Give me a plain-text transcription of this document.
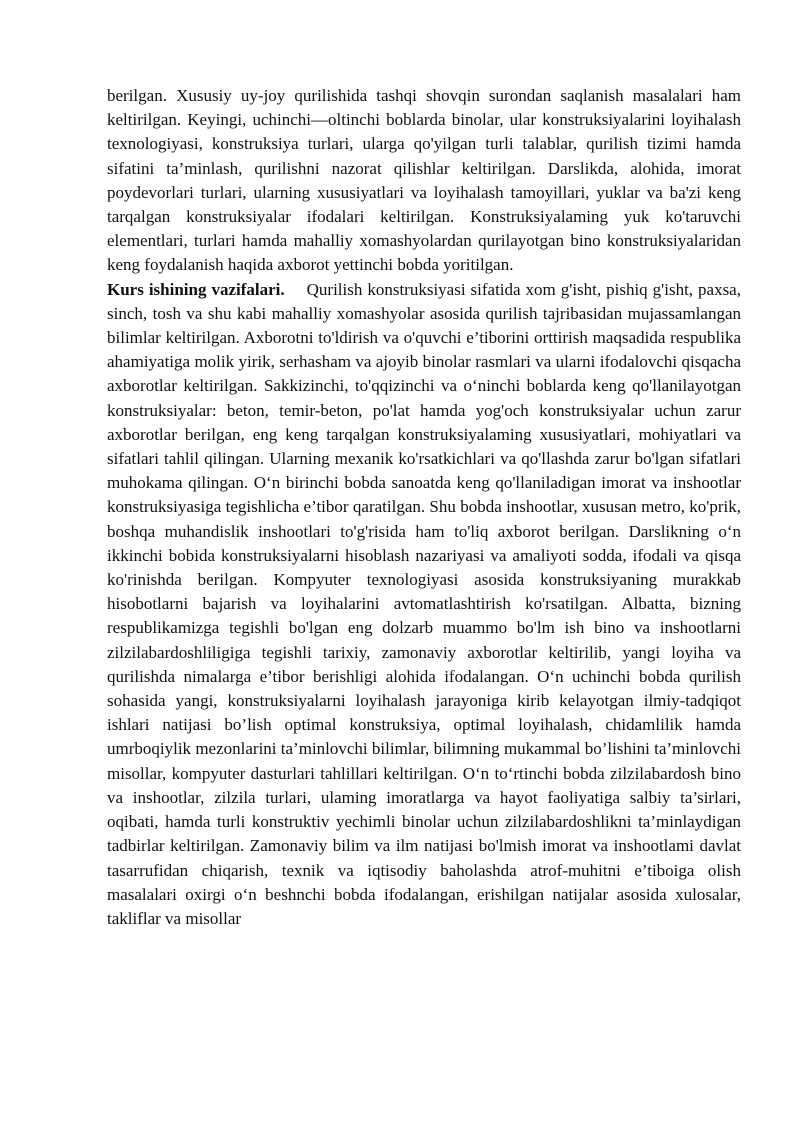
berilgan. Xususiy uy-joy qurilishida tashqi shovqin surondan saqlanish masalalari ham keltirilgan. Keyingi, uchinchi—oltinchi boblarda binolar, ular konstruksiyalarini loyihalash texnologiyasi, konstruksiya turlari, ularga qo'yilgan turli talablar, qurilish tizimi hamda sifatini ta’minlash, qurilishni nazorat qilishlar keltirilgan. Darslikda, alohida, imorat poydevorlari turlari, ularning xususiyatlari va loyihalash tamoyillari, yuklar va ba'zi keng tarqalgan konstruksiyalar ifodalari keltirilgan. Konstruksiyalaming yuk ko'taruvchi elementlari, turlari hamda mahalliy xomashyolardan qurilayotgan bino konstruksiyalaridan keng foydalanish haqida axborot yettinchi bobda yoritilgan.

Kurs ishining vazifalari. Qurilish konstruksiyasi sifatida xom g'isht, pishiq g'isht, paxsa, sinch, tosh va shu kabi mahalliy xomashyolar asosida qurilish tajribasidan mujassamlangan bilimlar keltirilgan. Axborotni to'ldirish va o'quvchi e’tiborini orttirish maqsadida respublika ahamiyatiga molik yirik, serhasham va ajoyib binolar rasmlari va ularni ifodalovchi qisqacha axborotlar keltirilgan. Sakkizinchi, to'qqizinchi va o‘ninchi boblarda keng qo'llanilayotgan konstruksiyalar: beton, temir-beton, po'lat hamda yog'och konstruksiyalar uchun zarur axborotlar berilgan, eng keng tarqalgan konstruksiyalaming xususiyatlari, mohiyatlari va sifatlari tahlil qilingan. Ularning mexanik ko'rsatkichlari va qo'llashda zarur bo'lgan sifatlari muhokama qilingan. O‘n birinchi bobda sanoatda keng qo'llaniladigan imorat va inshootlar konstruksiyasiga tegishlicha e’tibor qaratilgan. Shu bobda inshootlar, xususan metro, ko'prik, boshqa muhandislik inshootlari to'g'risida ham to'liq axborot berilgan. Darslikning o‘n ikkinchi bobida konstruksiyalarni hisoblash nazariyasi va amaliyoti sodda, ifodali va qisqa ko'rinishda berilgan. Kompyuter texnologiyasi asosida konstruksiyaning murakkab hisobotlarni bajarish va loyihalarini avtomatlashtirish ko'rsatilgan. Albatta, bizning respublikamizga tegishli bo'lgan eng dolzarb muammo bo'lm ish bino va inshootlarni zilzilabardoshliligiga tegishli tarixiy, zamonaviy axborotlar keltirilib, yangi loyiha va qurilishda nimalarga e’tibor berishligi alohida ifodalangan. O‘n uchinchi bobda qurilish sohasida yangi, konstruksiyalarni loyihalash jarayoniga kirib kelayotgan ilmiy-tadqiqot ishlari natijasi bo’lish optimal konstruksiya, optimal loyihalash, chidamlilik hamda umrboqiylik mezonlarini ta’minlovchi bilimlar, bilimning mukammal bo’lishini ta’minlovchi misollar, kompyuter dasturlari tahlillari keltirilgan. O‘n to‘rtinchi bobda zilzilabardosh bino va inshootlar, zilzila turlari, ulaming imoratlarga va hayot faoliyatiga salbiy ta’sirlari, oqibati, hamda turli konstruktiv yechimli binolar uchun zilzilabardoshlikni ta’minlaydigan tadbirlar keltirilgan. Zamonaviy bilim va ilm natijasi bo'lmish imorat va inshootlami davlat tasarrufidan chiqarish, texnik va iqtisodiy baholashda atrof-muhitni e’tiboiga olish masalalari oxirgi o‘n beshnchi bobda ifodalangan, erishilgan natijalar asosida xulosalar, takliflar va misollar
